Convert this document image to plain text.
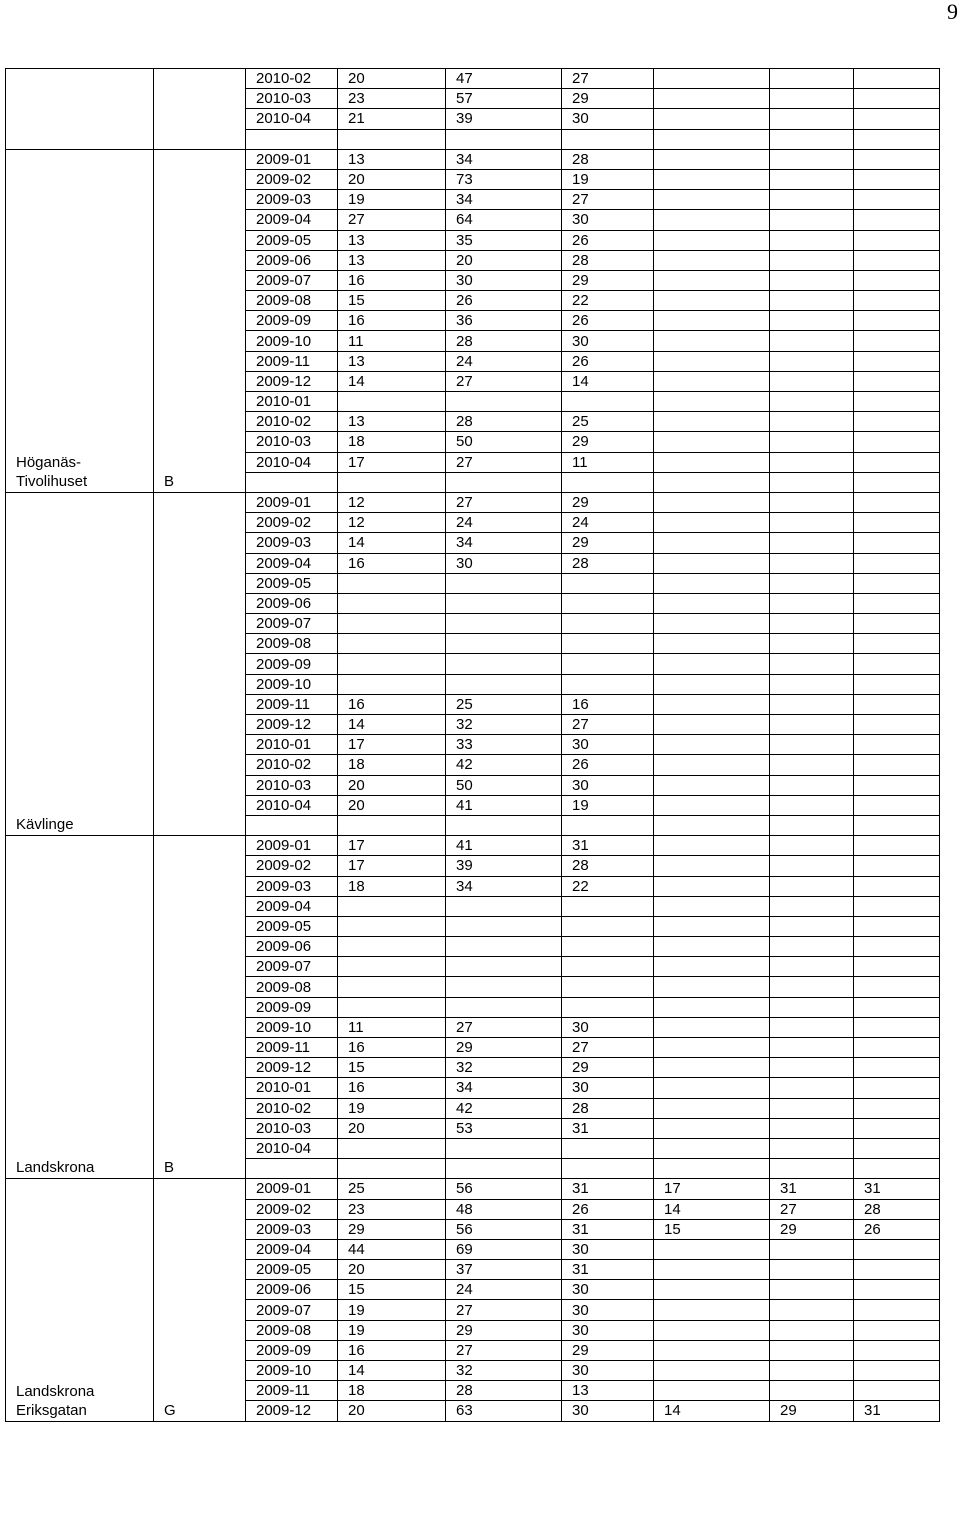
9
		2010-02	20	47	27			
		2010-03	23	57	29			
		2010-04	21	39	30			

Höganäs-
Tivolihuset	B	2009-01	13	34	28			
		2009-02	20	73	19			
		2009-03	19	34	27			
		2009-04	27	64	30			
		2009-05	13	35	26			
		2009-06	13	20	28			
		2009-07	16	30	29			
		2009-08	15	26	22			
		2009-09	16	36	26			
		2009-10	11	28	30			
		2009-11	13	24	26			
		2009-12	14	27	14			
		2010-01						
		2010-02	13	28	25			
		2010-03	18	50	29			
		2010-04	17	27	11			

Kävlinge		2009-01	12	27	29			
		2009-02	12	24	24			
		2009-03	14	34	29			
		2009-04	16	30	28			
		2009-05						
		2009-06						
		2009-07						
		2009-08						
		2009-09						
		2009-10						
		2009-11	16	25	16			
		2009-12	14	32	27			
		2010-01	17	33	30			
		2010-02	18	42	26			
		2010-03	20	50	30			
		2010-04	20	41	19			

Landskrona	B	2009-01	17	41	31			
		2009-02	17	39	28			
		2009-03	18	34	22			
		2009-04						
		2009-05						
		2009-06						
		2009-07						
		2009-08						
		2009-09						
		2009-10	11	27	30			
		2009-11	16	29	27			
		2009-12	15	32	29			
		2010-01	16	34	30			
		2010-02	19	42	28			
		2010-03	20	53	31			
		2010-04						

Landskrona
Eriksgatan	G	2009-01	25	56	31	17	31	31
		2009-02	23	48	26	14	27	28
		2009-03	29	56	31	15	29	26
		2009-04	44	69	30			
		2009-05	20	37	31			
		2009-06	15	24	30			
		2009-07	19	27	30			
		2009-08	19	29	30			
		2009-09	16	27	29			
		2009-10	14	32	30			
		2009-11	18	28	13			
		2009-12	20	63	30	14	29	31
